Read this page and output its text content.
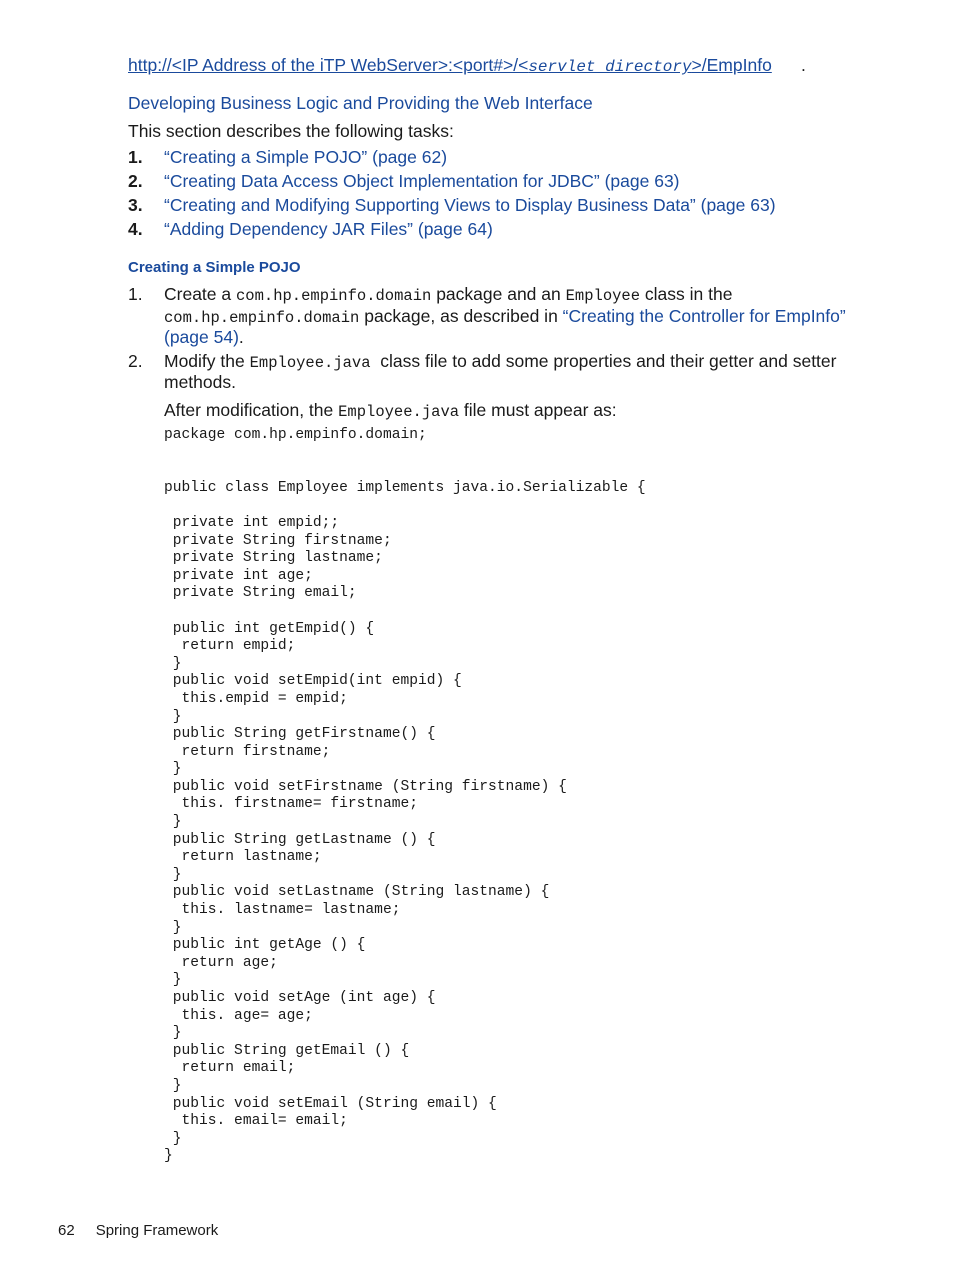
http://<IP Address of the iTP WebServer>:<port#>/<servlet directory>/EmpInfo .
Developing Business Logic and Providing the Web Interface
This section describes the following tasks:
1.	“Creating a Simple POJO” (page 62)
2.	“Creating Data Access Object Implementation for JDBC” (page 63)
3.	“Creating and Modifying Supporting Views to Display Business Data” (page 63)
4.	“Adding Dependency JAR Files” (page 64)
Creating a Simple POJO
1. Create a com.hp.empinfo.domain package and an Employee class in the
com.hp.empinfo.domain package, as described in “Creating the Controller for EmpInfo”
(page 54).
2. Modify the Employee.java  class file to add some properties and their getter and setter
methods.
After modification, the Employee.java file must appear as:
package com.hp.empinfo.domain;

public class Employee implements java.io.Serializable {

private int empid;;
private String firstname;
private String lastname;
private int age;
private String email;

public int getEmpid() {
return empid;
}
public void setEmpid(int empid) {
this.empid = empid;
}
public String getFirstname() {
return firstname;
}
public void setFirstname (String firstname) {
this. firstname= firstname;
}
public String getLastname () {
return lastname;
}
public void setLastname (String lastname) {
this. lastname= lastname;
}
public int getAge () {
return age;
}
public void setAge (int age) {
this. age= age;
}
public String getEmail () {
return email;
}
public void setEmail (String email) {
this. email= email;
}
}
62 Spring Framework
